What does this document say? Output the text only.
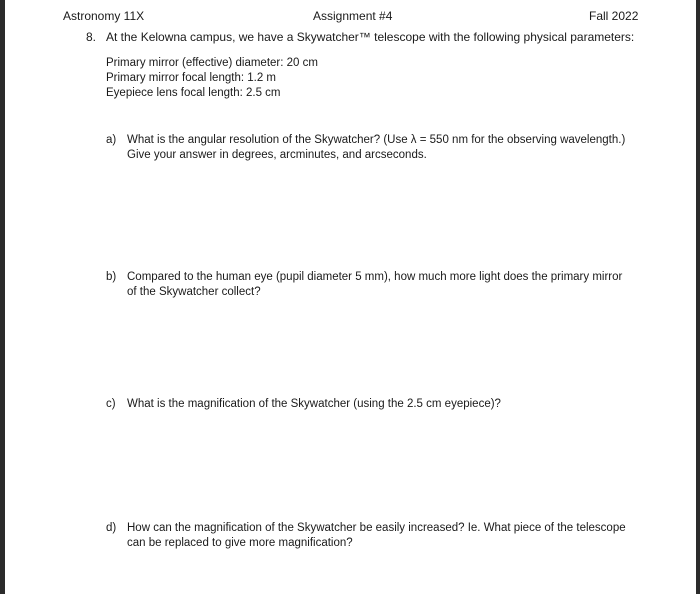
Astronomy 11X	Assignment #4	Fall 2022
8. At the Kelowna campus, we have a Skywatcher™ telescope with the following physical parameters:
Primary mirror (effective) diameter: 20 cm
Primary mirror focal length: 1.2 m
Eyepiece lens focal length: 2.5 cm
a) What is the angular resolution of the Skywatcher? (Use λ = 550 nm for the observing wavelength.)
Give your answer in degrees, arcminutes, and arcseconds.
b) Compared to the human eye (pupil diameter 5 mm), how much more light does the primary mirror
of the Skywatcher collect?
c) What is the magnification of the Skywatcher (using the 2.5 cm eyepiece)?
d) How can the magnification of the Skywatcher be easily increased? Ie. What piece of the telescope
can be replaced to give more magnification?
